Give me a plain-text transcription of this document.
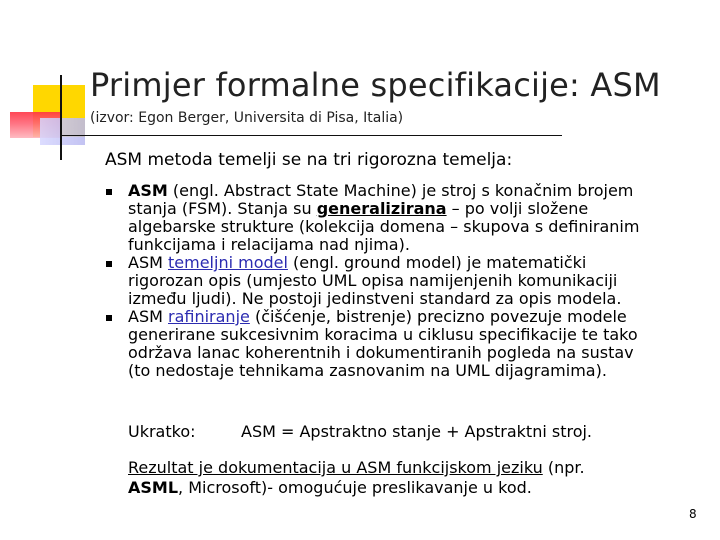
Primjer formalne specifikacije: ASM
(izvor: Egon Berger, Universita di Pisa, Italia)
ASM metoda temelji se na tri rigorozna temelja:
ASM (engl. Abstract State Machine) je stroj s konačnim brojem
stanja (FSM). Stanja su generalizirana – po volji složene
algebarske strukture (kolekcija domena – skupova s definiranim
funkcijama i relacijama nad njima).
ASM temeljni model (engl. ground model) je matematički
rigorozan opis (umjesto UML opisa namijenjenih komunikaciji
između ljudi). Ne postoji jedinstveni standard za opis modela.
ASM rafiniranje (čišćenje, bistrenje) precizno povezuje modele
generirane sukcesivnim koracima u ciklusu specifikacije te tako
održava lanac koherentnih i dokumentiranih pogleda na sustav
(to nedostaje tehnikama zasnovanim na UML dijagramima).
Ukratko:	ASM = Apstraktno stanje + Apstraktni stroj.
Rezultat je dokumentacija u ASM funkcijskom jeziku (npr.
ASML, Microsoft)- omogućuje preslikavanje u kod.
8
